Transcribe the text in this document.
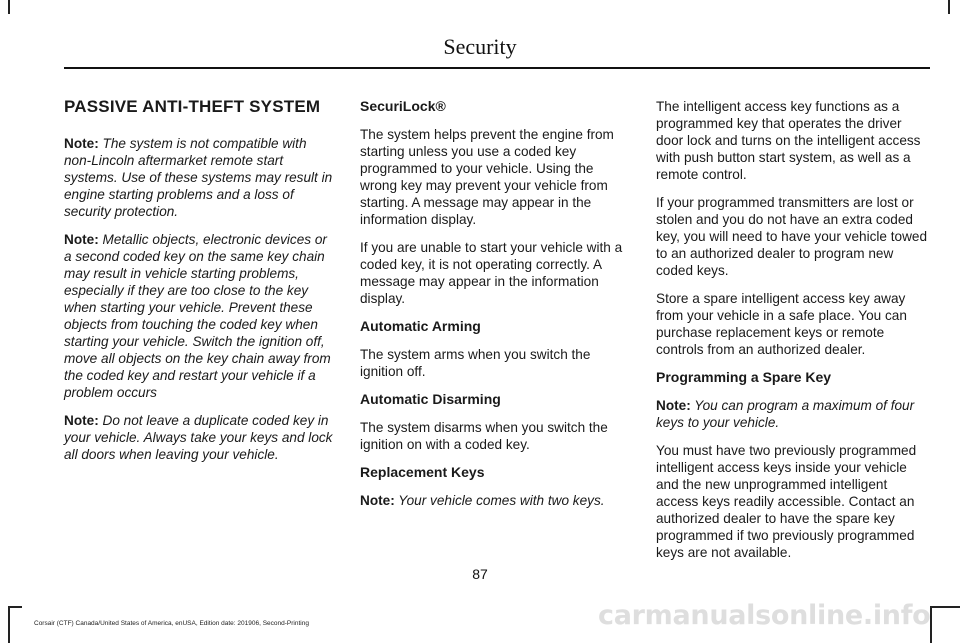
Security
PASSIVE ANTI-THEFT SYSTEM

Note: The system is not compatible with non-Lincoln aftermarket remote start systems. Use of these systems may result in engine starting problems and a loss of security protection.

Note: Metallic objects, electronic devices or a second coded key on the same key chain may result in vehicle starting problems, especially if they are too close to the key when starting your vehicle. Prevent these objects from touching the coded key when starting your vehicle. Switch the ignition off, move all objects on the key chain away from the coded key and restart your vehicle if a problem occurs

Note: Do not leave a duplicate coded key in your vehicle. Always take your keys and lock all doors when leaving your vehicle.

SecuriLock®

The system helps prevent the engine from starting unless you use a coded key programmed to your vehicle. Using the wrong key may prevent your vehicle from starting. A message may appear in the information display.

If you are unable to start your vehicle with a coded key, it is not operating correctly. A message may appear in the information display.

Automatic Arming

The system arms when you switch the ignition off.

Automatic Disarming

The system disarms when you switch the ignition on with a coded key.

Replacement Keys

Note: Your vehicle comes with two keys.

The intelligent access key functions as a programmed key that operates the driver door lock and turns on the intelligent access with push button start system, as well as a remote control.

If your programmed transmitters are lost or stolen and you do not have an extra coded key, you will need to have your vehicle towed to an authorized dealer to program new coded keys.

Store a spare intelligent access key away from your vehicle in a safe place. You can purchase replacement keys or remote controls from an authorized dealer.

Programming a Spare Key

Note: You can program a maximum of four keys to your vehicle.

You must have two previously programmed intelligent access keys inside your vehicle and the new unprogrammed intelligent access keys readily accessible. Contact an authorized dealer to have the spare key programmed if two previously programmed keys are not available.

87
carmanualsonline.info
Corsair (CTF) Canada/United States of America, enUSA, Edition date: 201906, Second-Printing
